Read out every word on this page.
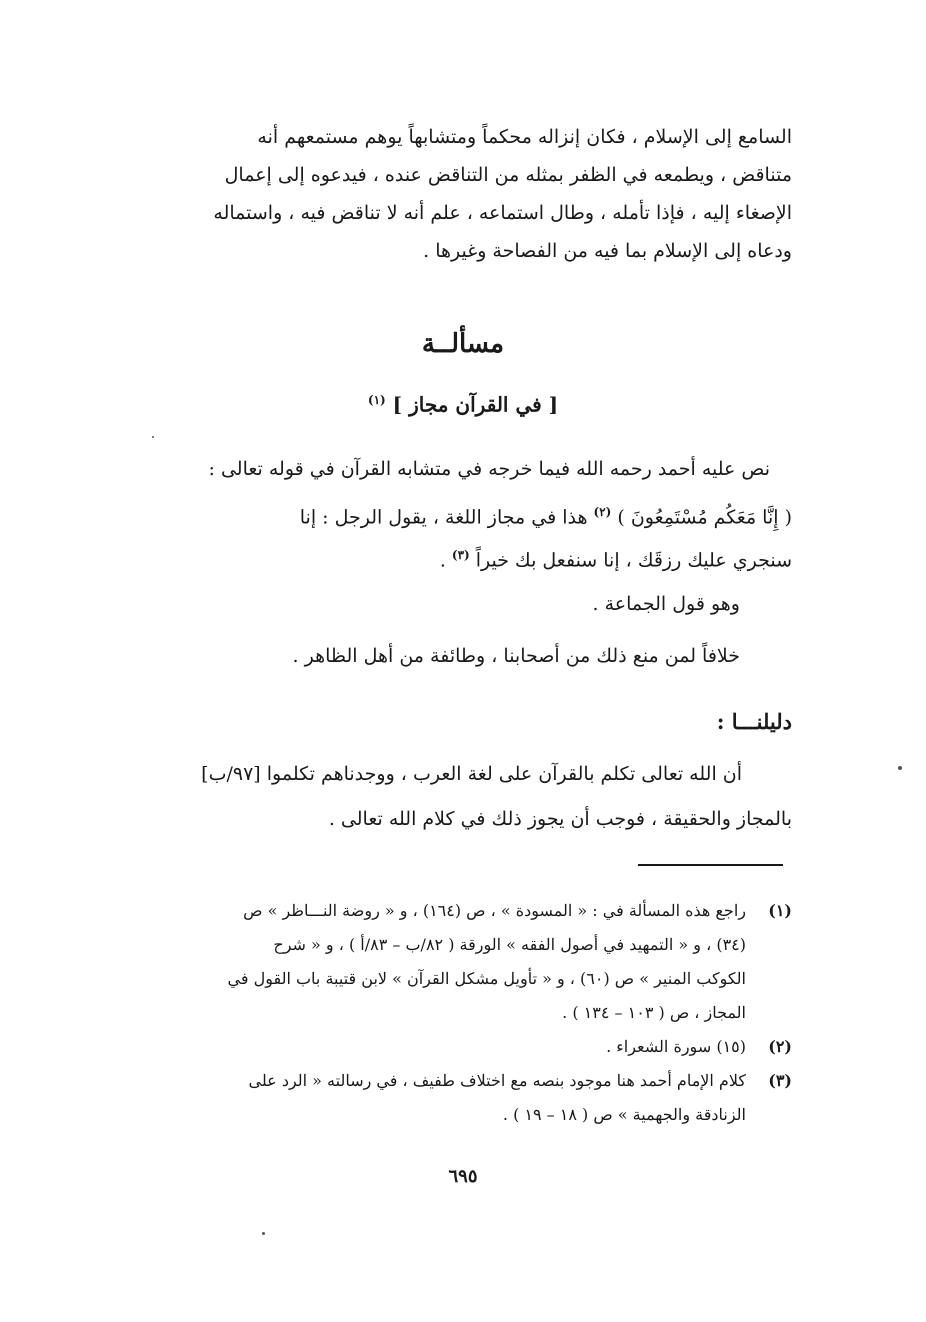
السامع إلى الإسلام ، فكان إنزاله محكماً ومتشابهاً يوهم مستمعهم أنه
متناقض ، ويطمعه في الظفر بمثله من التناقض عنده ، فيدعوه إلى إعمال
الإصغاء إليه ، فإذا تأمله ، وطال استماعه ، علم أنه لا تناقض فيه ، واستماله
ودعاه إلى الإسلام بما فيه من الفصاحة وغيرها .
مسألــة
[ في القرآن مجاز ] $^{(١)}$
نص عليه أحمد رحمه الله فيما خرجه في متشابه القرآن في قوله تعالى :
( إِنَّا مَعَكُم مُسْتَمِعُونَ ) $^{(٢)}$ هذا في مجاز اللغة ، يقول الرجل : إنا
سنجري عليك رزقَك ، إنا سنفعل بك خيراً $^{(٣)}$ .
وهو قول الجماعة .
خلافاً لمن منع ذلك من أصحابنا ، وطائفة من أهل الظاهر .
دليلنـــا :
أن الله تعالى تكلم بالقرآن على لغة العرب ، ووجدناهم تكلموا [٩٧/ب]
بالمجاز والحقيقة ، فوجب أن يجوز ذلك في كلام الله تعالى .
(١)
راجع هذه المسألة في : « المسودة » ، ص (١٦٤) ، و « روضة النـــاظر » ص
(٣٤) ، و « التمهيد في أصول الفقه » الورقة ( ٨٢/ب – ٨٣/أ ) ، و « شرح
الكوكب المنير » ص (٦٠) ، و « تأويل مشكل القرآن » لابن قتيبة باب القول في
المجاز ، ص ( ١٠٣ – ١٣٤ ) .
(٢)
(١٥) سورة الشعراء .
(٣)
كلام الإمام أحمد هنا موجود بنصه مع اختلاف طفيف ، في رسالته « الرد على
الزنادقة والجهمية » ص ( ١٨ – ١٩ ) .
٦٩٥
